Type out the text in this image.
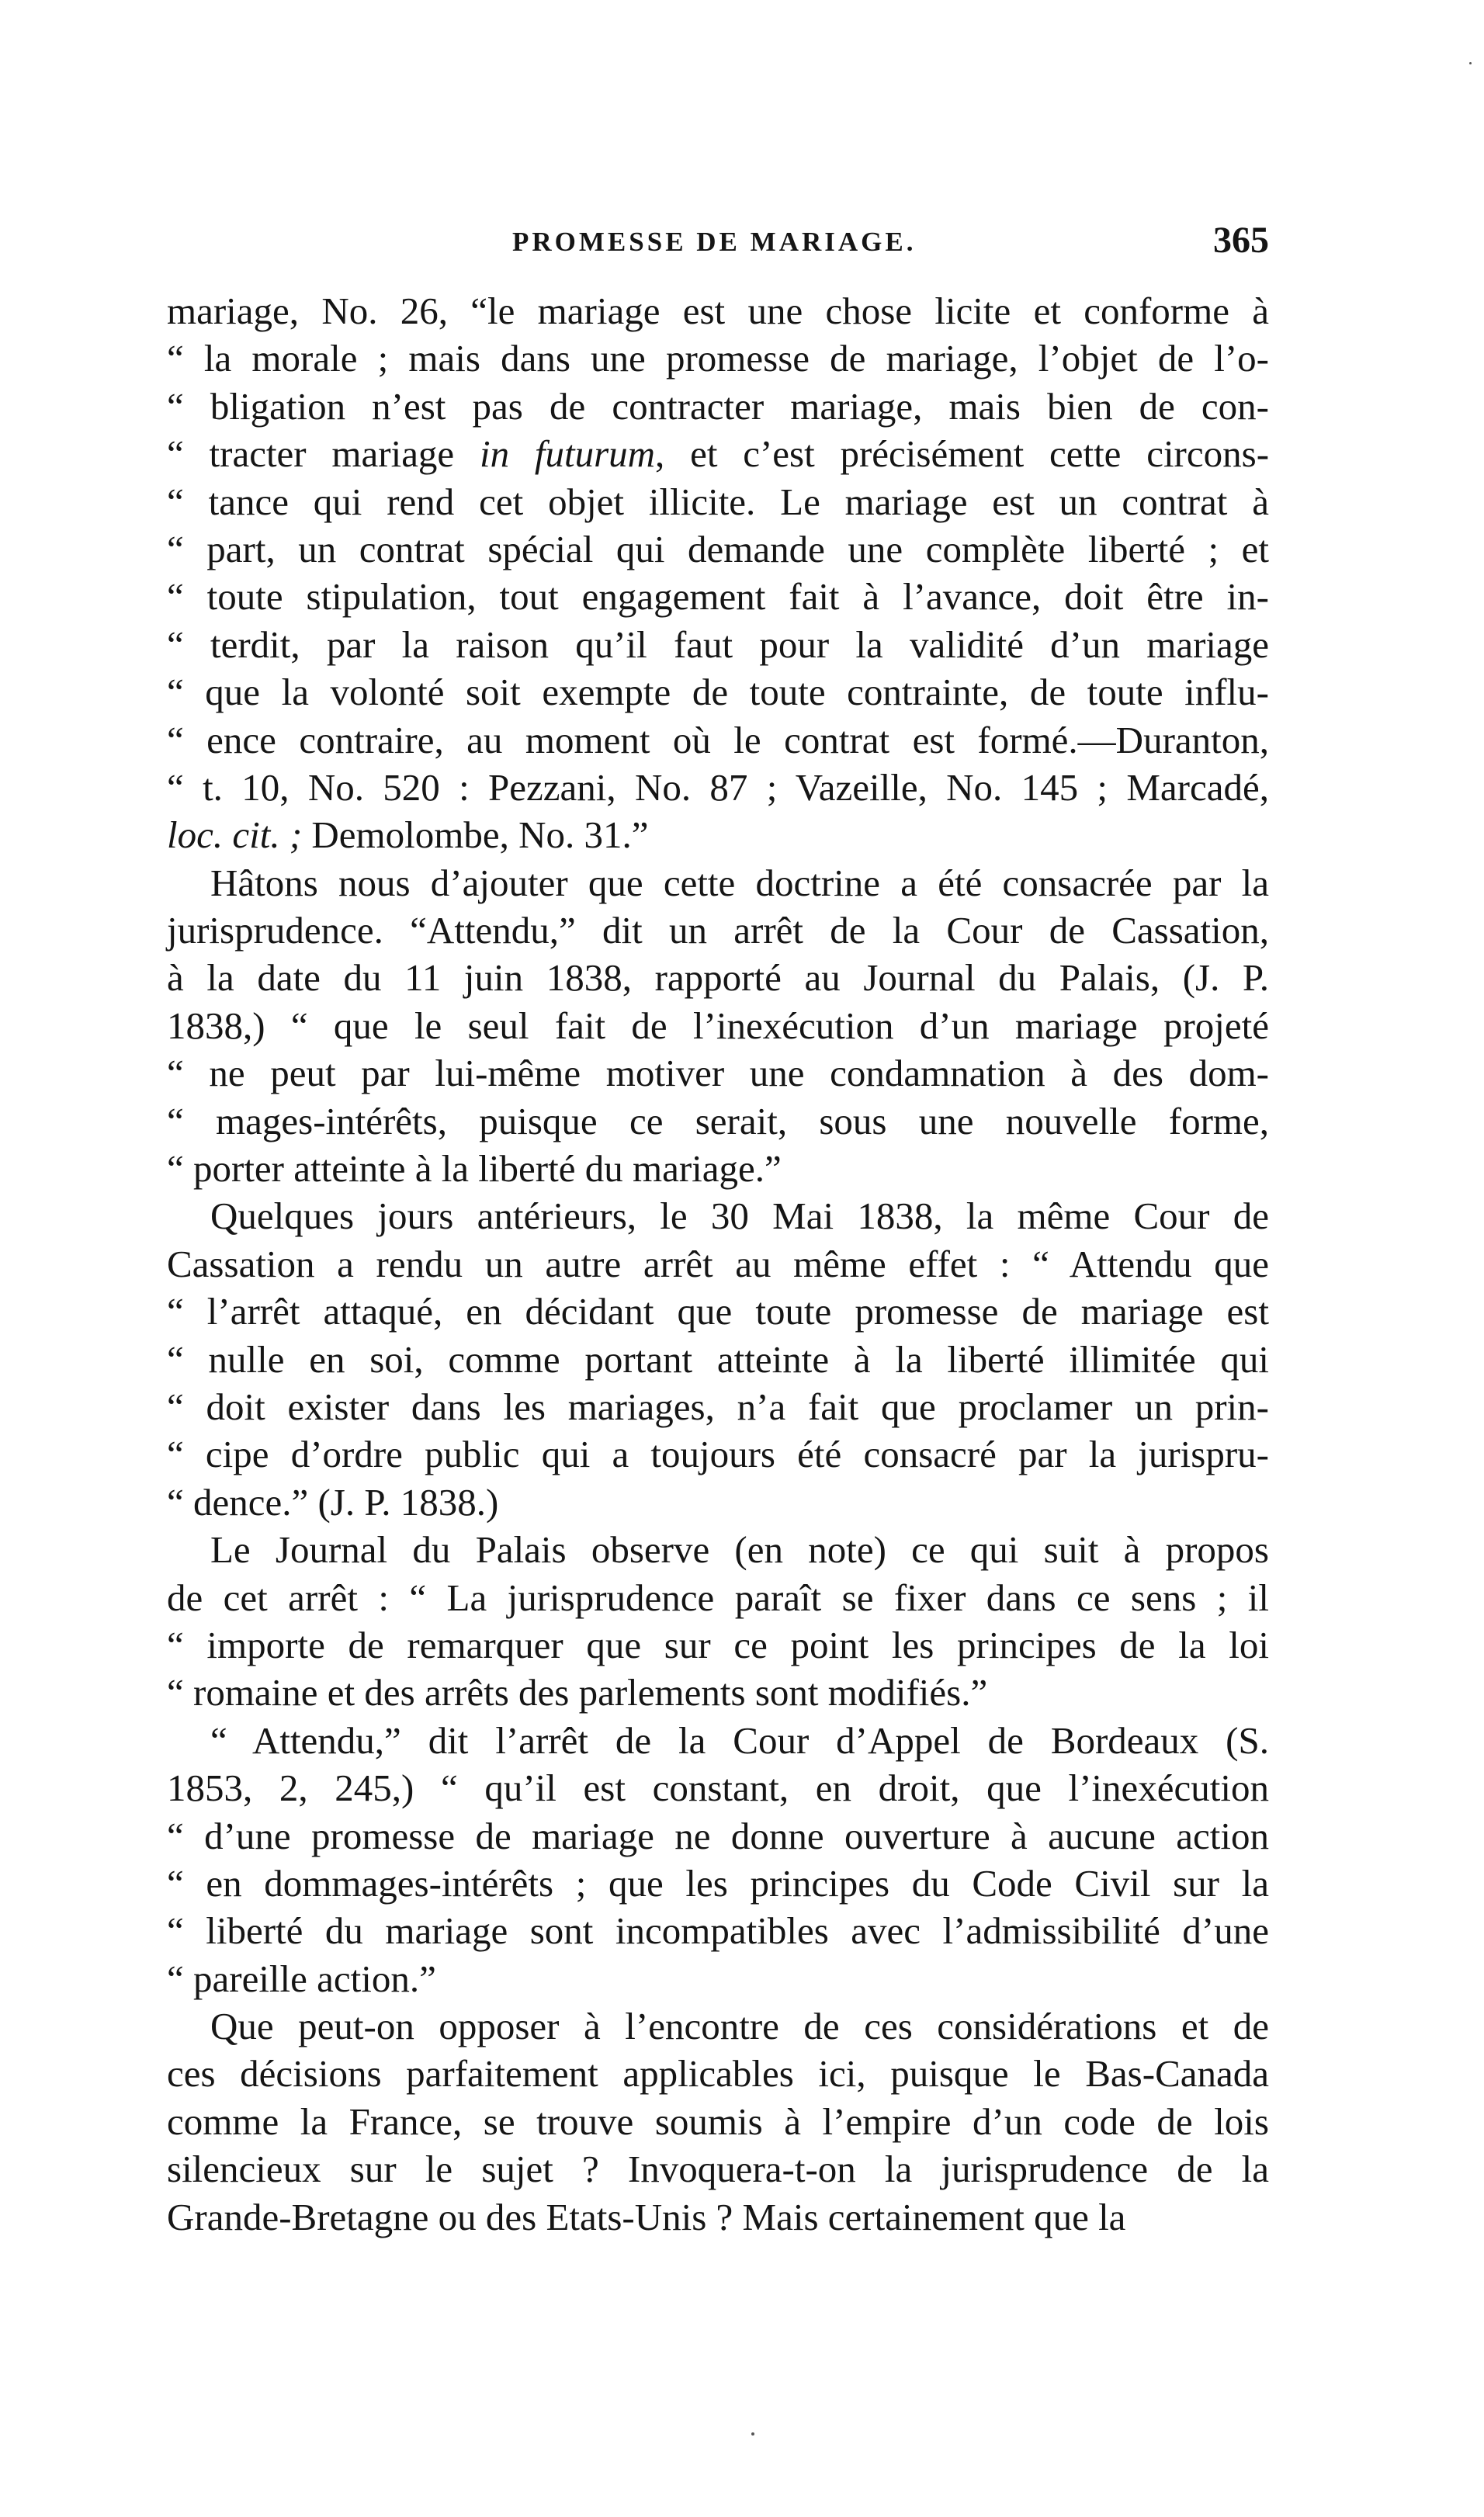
PROMESSE DE MARIAGE.	365
mariage, No. 26, “le mariage est une chose licite et conforme à
“ la morale ; mais dans une promesse de mariage, l’objet de l’o-
“ bligation n’est pas de contracter mariage, mais bien de con-
“ tracter mariage in futurum, et c’est précisément cette circons-
“ tance qui rend cet objet illicite. Le mariage est un contrat à
“ part, un contrat spécial qui demande une complète liberté ; et
“ toute stipulation, tout engagement fait à l’avance, doit être in-
“ terdit, par la raison qu’il faut pour la validité d’un mariage
“ que la volonté soit exempte de toute contrainte, de toute influ-
“ ence contraire, au moment où le contrat est formé.—Duranton,
“ t. 10, No. 520 : Pezzani, No. 87 ; Vazeille, No. 145 ; Marcadé,
loc. cit. ; Demolombe, No. 31.”
Hâtons nous d’ajouter que cette doctrine a été consacrée par la
jurisprudence. “Attendu,” dit un arrêt de la Cour de Cassation,
à la date du 11 juin 1838, rapporté au Journal du Palais, (J. P.
1838,) “ que le seul fait de l’inexécution d’un mariage projeté
“ ne peut par lui-même motiver une condamnation à des dom-
“ mages-intérêts, puisque ce serait, sous une nouvelle forme,
“ porter atteinte à la liberté du mariage.”
Quelques jours antérieurs, le 30 Mai 1838, la même Cour de
Cassation a rendu un autre arrêt au même effet : “ Attendu que
“ l’arrêt attaqué, en décidant que toute promesse de mariage est
“ nulle en soi, comme portant atteinte à la liberté illimitée qui
“ doit exister dans les mariages, n’a fait que proclamer un prin-
“ cipe d’ordre public qui a toujours été consacré par la jurispru-
“ dence.” (J. P. 1838.)
Le Journal du Palais observe (en note) ce qui suit à propos
de cet arrêt : “ La jurisprudence paraît se fixer dans ce sens ; il
“ importe de remarquer que sur ce point les principes de la loi
“ romaine et des arrêts des parlements sont modifiés.”
“ Attendu,” dit l’arrêt de la Cour d’Appel de Bordeaux (S.
1853, 2, 245,) “ qu’il est constant, en droit, que l’inexécution
“ d’une promesse de mariage ne donne ouverture à aucune action
“ en dommages-intérêts ; que les principes du Code Civil sur la
“ liberté du mariage sont incompatibles avec l’admissibilité d’une
“ pareille action.”
Que peut-on opposer à l’encontre de ces considérations et de
ces décisions parfaitement applicables ici, puisque le Bas-Canada
comme la France, se trouve soumis à l’empire d’un code de lois
silencieux sur le sujet ? Invoquera-t-on la jurisprudence de la
Grande-Bretagne ou des Etats-Unis ? Mais certainement que la
